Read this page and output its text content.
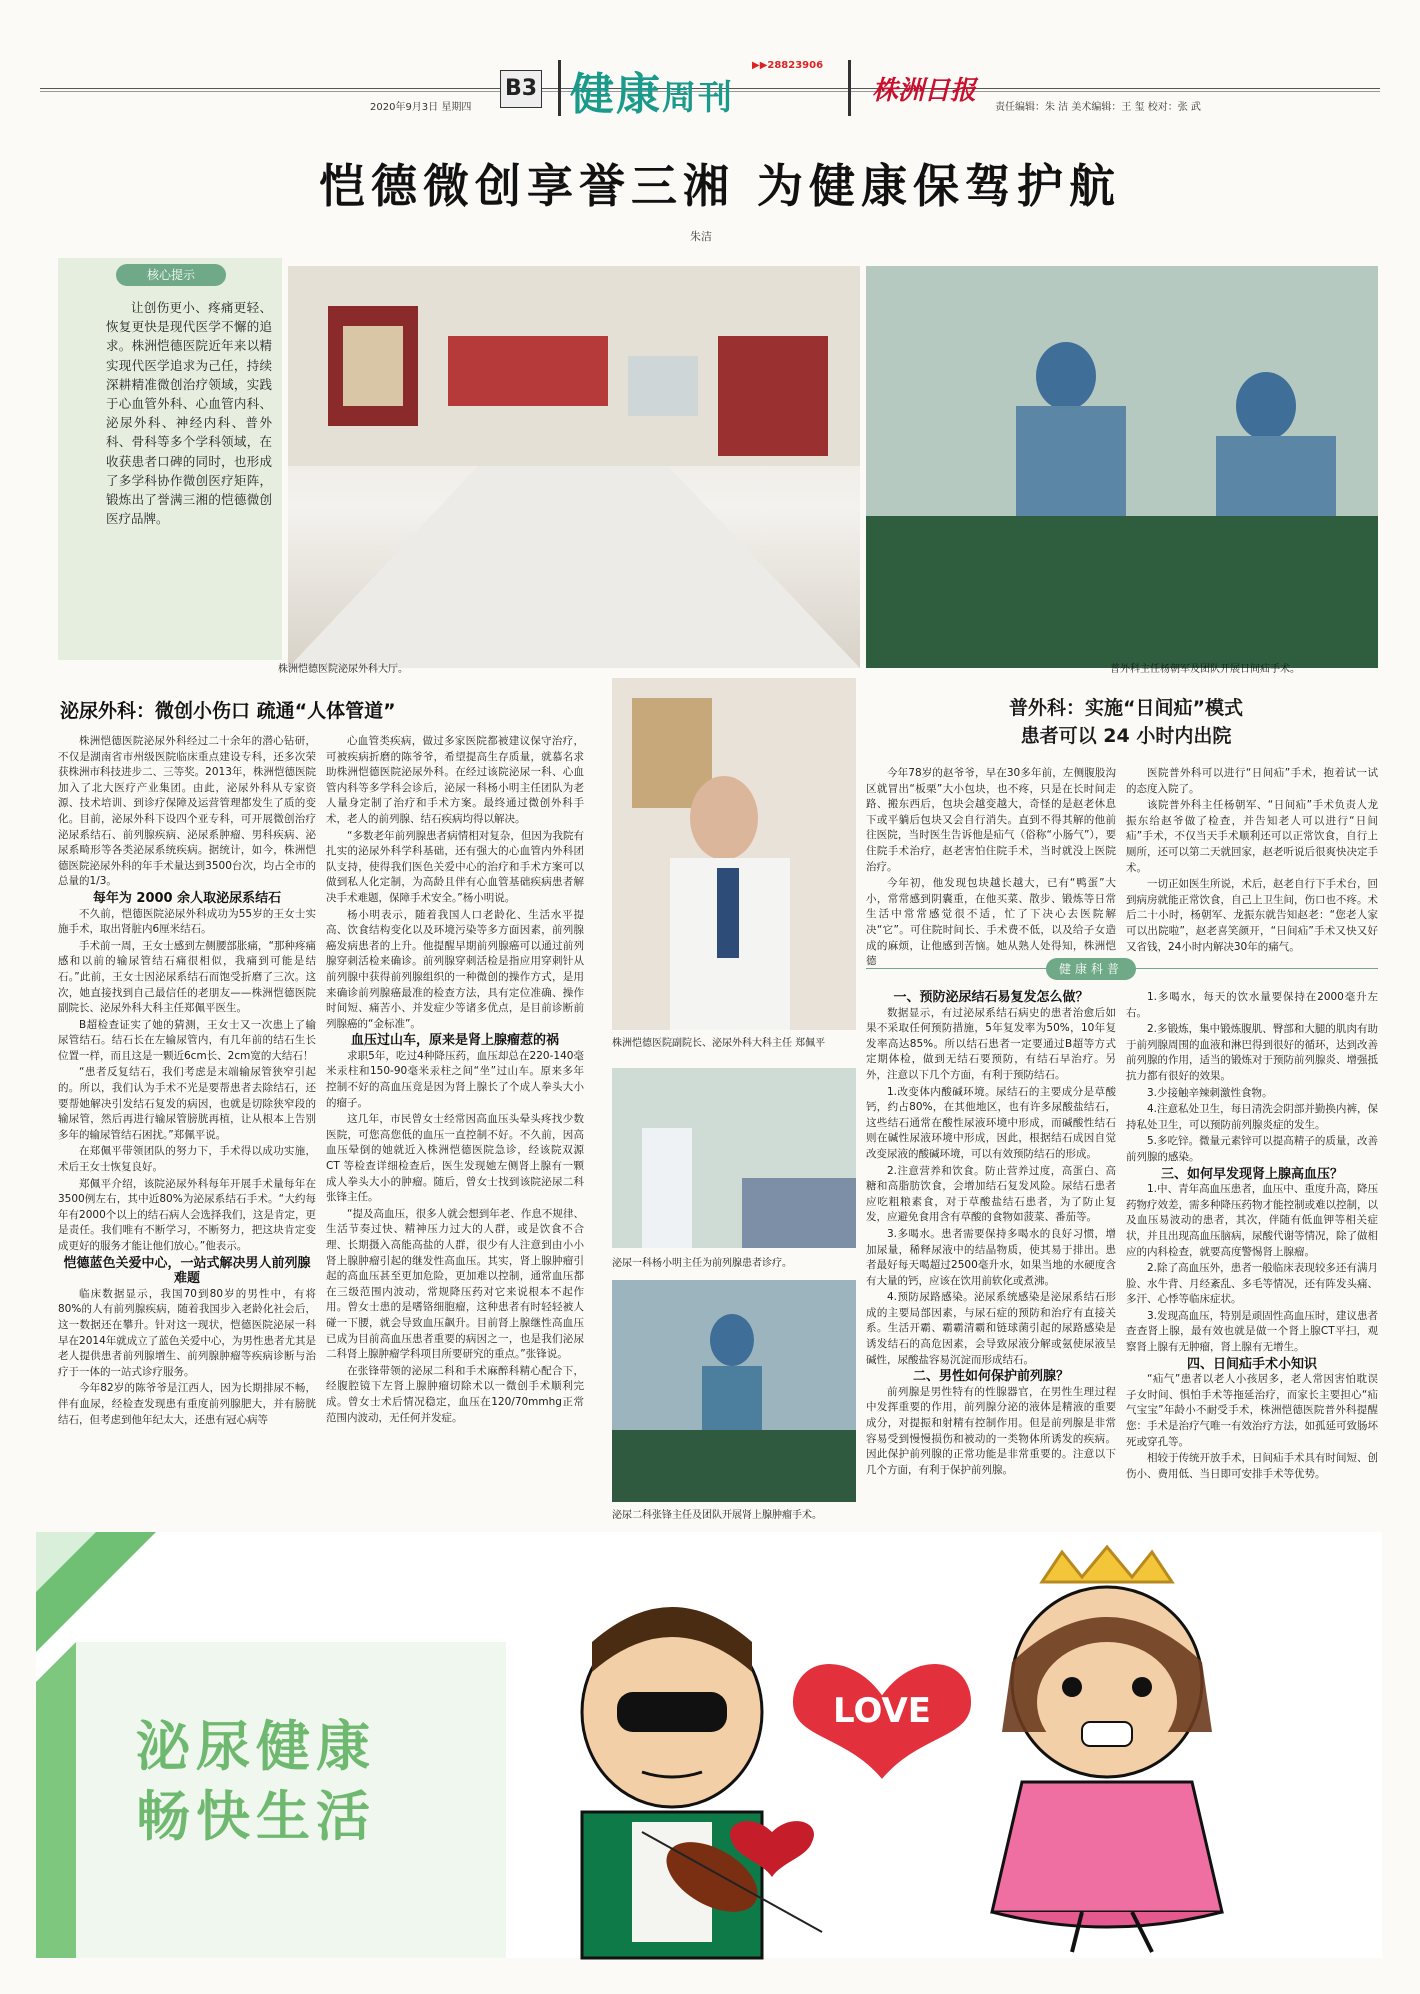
2020年9月3日 星期四
B3 健康周刊
▶▶28823906
株洲日报
责任编辑：朱 洁 美术编辑：王 玺 校对：张 武
恺德微创享誉三湘 为健康保驾护航
朱洁
核心提示
让创伤更小、疼痛更轻、恢复更快是现代医学不懈的追求。株洲恺德医院近年来以精实现代医学追求为己任，持续深耕精准微创治疗领域，实践于心血管外科、心血管内科、泌尿外科、神经内科、普外科、骨科等多个学科领域，在收获患者口碑的同时，也形成了多学科协作微创医疗矩阵，锻炼出了誉满三湘的恺德微创医疗品牌。
株洲恺德医院泌尿外科大厅。	普外科主任杨朝军及团队开展日间疝手术。
泌尿外科：微创小伤口 疏通“人体管道”

株洲恺德医院泌尿外科经过二十余年的潜心钻研，不仅是湖南省市州级医院临床重点建设专科，还多次荣获株洲市科技进步二、三等奖。2013年，株洲恺德医院加入了北大医疗产业集团。由此，泌尿外科从专家资源、技术培训、到诊疗保障及运营管理都发生了质的变化。目前，泌尿外科下设四个亚专科，可开展微创治疗泌尿系结石、前列腺疾病、泌尿系肿瘤、男科疾病、泌尿系畸形等各类泌尿系统疾病。据统计，如今，株洲恺德医院泌尿外科的年手术量达到3500台次，均占全市的总量的1/3。

每年为 2000 余人取泌尿系结石

不久前，恺德医院泌尿外科成功为55岁的王女士实施手术，取出肾脏内6厘米结石。

手术前一周，王女士感到左侧腰部胀痛，“那种疼痛感和以前的输尿管结石痛很相似，我痛到可能是结石。”此前，王女士因泌尿系结石而饱受折磨了三次。这次，她直接找到自己最信任的老朋友——株洲恺德医院副院长、泌尿外科大科主任郑佩平医生。

B超检查证实了她的猜测，王女士又一次患上了输尿管结石。结石长在左输尿管内，有几年前的结石生长位置一样，而且这是一颗近6cm长、2cm宽的大结石！

“患者反复结石，我们考虑是末端输尿管狭窄引起的。所以，我们认为手术不光是要帮患者去除结石，还要帮她解决引发结石复发的病因，也就是切除狭窄段的输尿管，然后再进行输尿管膀胱再植，让从根本上告别多年的输尿管结石困扰。”郑佩平说。

在郑佩平带领团队的努力下，手术得以成功实施，术后王女士恢复良好。

郑佩平介绍，该院泌尿外科每年开展手术量每年在3500例左右，其中近80%为泌尿系结石手术。“大约每年有2000个以上的结石病人会选择我们，这是肯定，更是责任。我们唯有不断学习，不断努力，把这块肯定变成更好的服务才能让他们放心。”他表示。

恺德蓝色关爱中心，一站式解决男人前列腺难题

临床数据显示，我国70到80岁的男性中，有将80%的人有前列腺疾病，随着我国步入老龄化社会后，这一数据还在攀升。针对这一现状，恺德医院泌尿一科早在2014年就成立了蓝色关爱中心，为男性患者尤其是老人提供患者前列腺增生、前列腺肿瘤等疾病诊断与治疗于一体的一站式诊疗服务。

今年82岁的陈爷爷是江西人，因为长期排尿不畅，伴有血尿，经检查发现患有重度前列腺肥大，并有膀胱结石，但考虑到他年纪太大，还患有冠心病等

心血管类疾病，做过多家医院都被建议保守治疗，可被疾病折磨的陈爷爷，希望提高生存质量，就慕名求助株洲恺德医院泌尿外科。在经过该院泌尿一科、心血管内科等多学科会诊后，泌尿一科杨小明主任团队为老人量身定制了治疗和手术方案。最终通过微创外科手术，老人的前列腺、结石疾病均得以解决。

“多数老年前列腺患者病情相对复杂，但因为我院有扎实的泌尿外科学科基础，还有强大的心血管内外科团队支持，使得我们医色关爱中心的治疗和手术方案可以做到私人化定制，为高龄且伴有心血管基础疾病患者解决手术难题，保障手术安全。”杨小明说。

杨小明表示，随着我国人口老龄化、生活水平提高、饮食结构变化以及环境污染等多方面因素，前列腺癌发病患者的上升。他提醒早期前列腺癌可以通过前列腺穿刺活检来确诊。前列腺穿刺活检是指应用穿刺针从前列腺中获得前列腺组织的一种微创的操作方式，是用来确诊前列腺癌最准的检查方法，具有定位准确、操作时间短、痛苦小、并发症少等诸多优点，是目前诊断前列腺癌的“金标准”。

血压过山车，原来是肾上腺瘤惹的祸

求职5年，吃过4种降压药，血压却总在220-140毫米汞柱和150-90毫米汞柱之间“坐”过山车。原来多年控制不好的高血压竟是因为肾上腺长了个成人拳头大小的瘤子。

这几年，市民曾女士经常因高血压头晕头疼找少数医院，可您高您低的血压一直控制不好。不久前，因高血压晕倒的她就近入株洲恺德医院急诊，经该院双源 CT 等检查详细检查后，医生发现她左侧肾上腺有一颗成人拳头大小的肿瘤。随后，曾女士找到该院泌尿二科张锋主任。

“提及高血压，很多人就会想到年老、作息不规律、生活节奏过快、精神压力过大的人群，或是饮食不合理、长期摄入高能高盐的人群，很少有人注意到由小小肾上腺肿瘤引起的继发性高血压。其实，肾上腺肿瘤引起的高血压甚至更加危险，更加难以控制，通常血压都在三级范围内波动，常规降压药对它来说根本不起作用。曾女士患的是嗜铬细胞瘤，这种患者有时轻轻被人碰一下腰，就会导致血压飙升。目前肾上腺继性高血压已成为目前高血压患者重要的病因之一，也是我们泌尿二科肾上腺肿瘤学科项目所要研究的重点。”张锋说。

在张锋带领的泌尿二科和手术麻醉科精心配合下，经腹腔镜下左肾上腺肿瘤切除术以一微创手术顺利完成。曾女士术后情况稳定，血压在120/70mmhg正常范围内波动，无任何并发症。

株洲恺德医院副院长、泌尿外科大科主任 郑佩平
泌尿一科杨小明主任为前列腺患者诊疗。
泌尿二科张锋主任及团队开展肾上腺肿瘤手术。
普外科：实施“日间疝”模式
患者可以 24 小时内出院

今年78岁的赵爷爷，早在30多年前，左侧腹股沟区就冒出“板栗”大小包块，也不疼，只是在长时间走路、搬东西后，包块会越变越大，奇怪的是赵老休息下或平躺后包块又会自行消失。直到不得其解的他前往医院，当时医生告诉他是疝气（俗称“小肠气”），要住院手术治疗，赵老害怕住院手术，当时就没上医院治疗。

今年初，他发现包块越长越大，已有“鸭蛋”大小，常常感到阴囊重，在他买菜、散步、锻炼等日常生活中常常感觉很不适，忙了下决心去医院解决“它”。可住院时间长、手术费不低，以及给子女造成的麻烦，让他感到苦恼。她从熟人处得知，株洲恺德

医院普外科可以进行“日间疝”手术，抱着试一试的态度入院了。

该院普外科主任杨朝军、“日间疝”手术负责人龙振东给赵爷做了检查，并告知老人可以进行“日间疝”手术，不仅当天手术顺利还可以正常饮食，自行上厕所，还可以第二天就回家，赵老听说后很爽快决定手术。

一切正如医生所说，术后，赵老自行下手术台，回到病房就能正常饮食，自己上卫生间，伤口也不疼。术后二十小时，杨朝军、龙振东就告知赵老：“您老人家可以出院啦”，赵老喜笑颜开，“日间疝”手术又快又好又省钱，24小时内解决30年的痛气。

健康科普
一、预防泌尿结石易复发怎么做？

数据显示，有过泌尿系结石病史的患者治愈后如果不采取任何预防措施，5年复发率为50%，10年复发率高达85%。所以结石患者一定要通过B超等方式定期体检，做到无结石要预防，有结石早治疗。另外，注意以下几个方面，有利于预防结石。

1.改变体内酸碱环境。尿结石的主要成分是草酸钙，约占80%，在其他地区，也有许多尿酸盐结石，这些结石通常在酸性尿液环境中形成，而碱酸性结石则在碱性尿液环境中形成，因此，根据结石成因自觉改变尿液的酸碱环境，可以有效预防结石的形成。

2.注意营养和饮食。防止营养过度，高蛋白、高糖和高脂肪饮食，会增加结石复发风险。尿结石患者应吃粗粮素食，对于草酸盐结石患者，为了防止复发，应避免食用含有草酸的食物如菠菜、番茄等。

3.多喝水。患者需要保持多喝水的良好习惯，增加尿量，稀释尿液中的结晶物质，使其易于排出。患者最好每天喝超过2500毫升水，如果当地的水硬度含有大量的钙，应该在饮用前软化或煮沸。

4.预防尿路感染。泌尿系统感染是泌尿系结石形成的主要局部因素，与尿石症的预防和治疗有直接关系。生活开霸、霸霸清霸和链球菌引起的尿路感染是诱发结石的高危因素，会导致尿液分解或氨使尿液呈碱性，尿酸盐容易沉淀而形成结石。

二、男性如何保护前列腺？

前列腺是男性特有的性腺器官，在男性生理过程中发挥重要的作用，前列腺分泌的液体是精液的重要成分，对提振和射精有控制作用。但是前列腺是非常容易受到慢慢损伤和被动的一类物体所诱发的疾病。因此保护前列腺的正常功能是非常重要的。注意以下几个方面，有利于保护前列腺。

1.多喝水，每天的饮水量要保持在2000毫升左右。

2.多锻炼，集中锻炼腹肌、臀部和大腿的肌肉有助于前列腺周围的血液和淋巴得到很好的循环，达到改善前列腺的作用，适当的锻炼对于预防前列腺炎、增强抵抗力都有很好的效果。

3.少接触辛辣刺激性食物。

4.注意私处卫生，每日清洗会阴部并勤换内裤，保持私处卫生，可以预防前列腺炎症的发生。

5.多吃锌。微量元素锌可以提高精子的质量，改善前列腺的感染。

三、如何早发现肾上腺高血压？

1.中、青年高血压患者，血压中、重度升高，降压药物疗效差，需多种降压药物才能控制或难以控制，以及血压易波动的患者，其次，伴随有低血钾等相关症状，并且出现高血压脑病，尿酸代谢等情况，除了做相应的内科检查，就要高度警惕肾上腺瘤。

2.除了高血压外，患者一般临床表现较多还有满月脸、水牛背、月经紊乱、多毛等情况，还有阵发头痛、多汗、心悸等临床症状。

3.发现高血压，特别是顽固性高血压时，建议患者查查肾上腺，最有效也就是做一个肾上腺CT平扫，观察肾上腺有无肿瘤，肾上腺有无增生。

四、日间疝手术小知识

“疝气”患者以老人小孩居多，老人常因害怕耽误子女时间、惧怕手术等拖延治疗，而家长主要担心“疝气宝宝”年龄小不耐受手术，株洲恺德医院普外科提醒您：手术是治疗气唯一有效治疗方法，如孤延可致肠坏死或穿孔等。

相较于传统开放手术，日间疝手术具有时间短、创伤小、费用低、当日即可安排手术等优势。

泌尿健康
畅快生活
LOVE
